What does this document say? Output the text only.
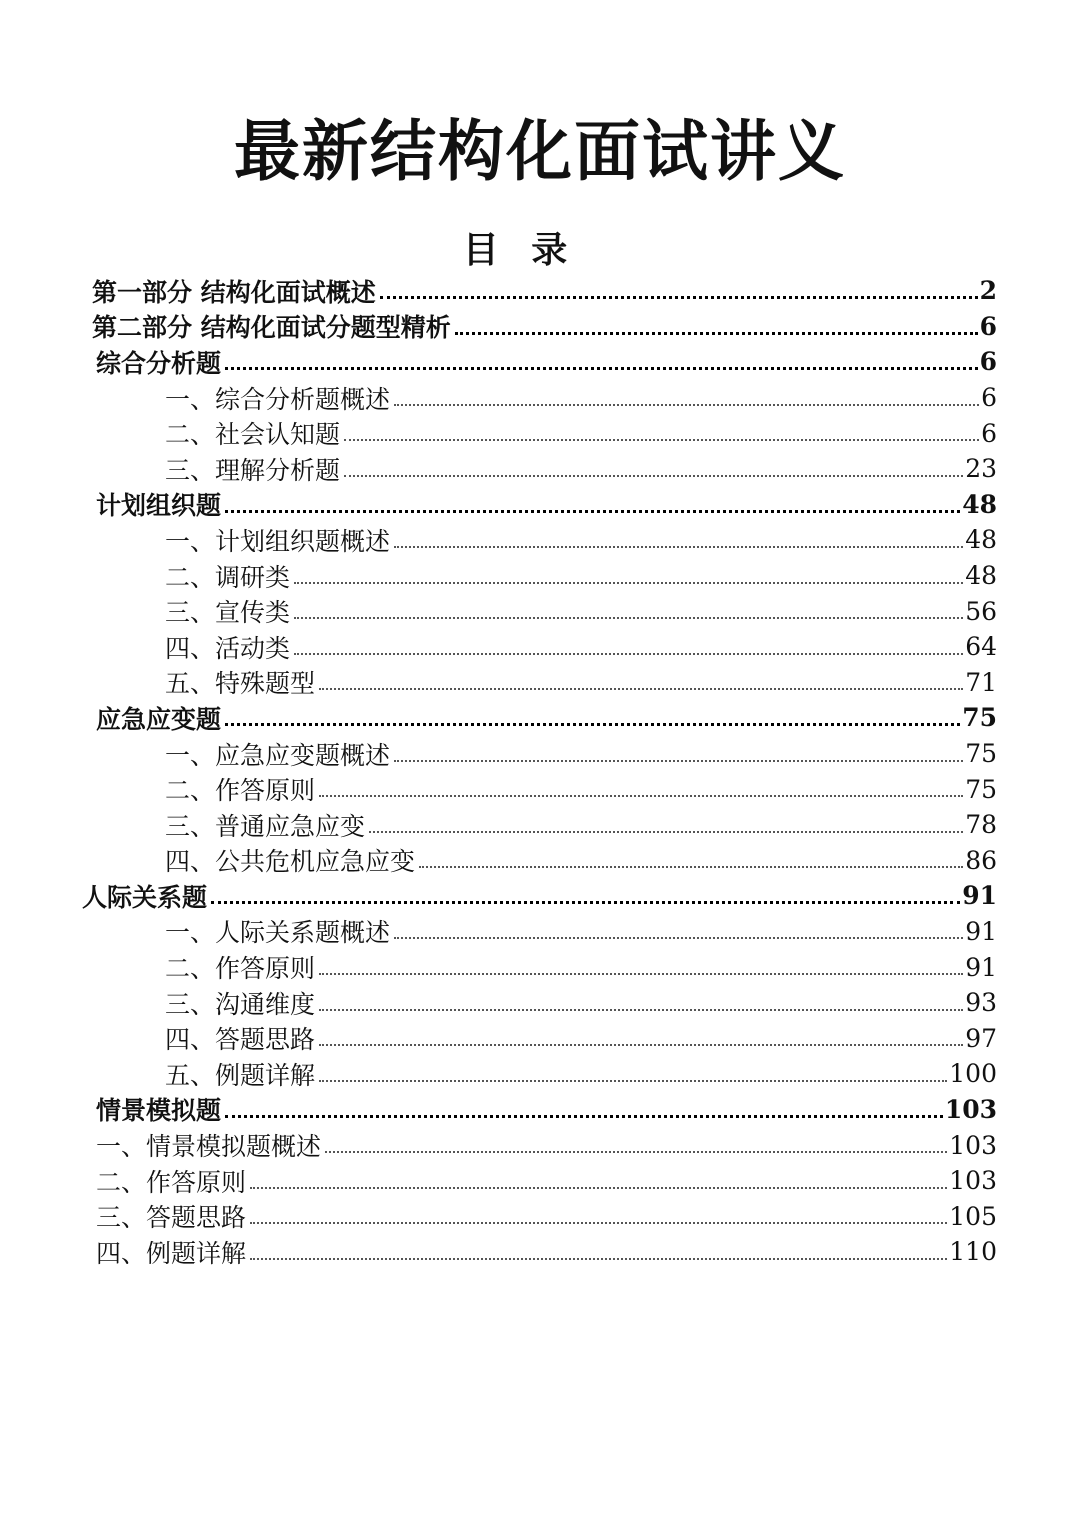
最新结构化面试讲义
目 录
第一部分 结构化面试概述	2
第二部分 结构化面试分题型精析	6
综合分析题	6
一、综合分析题概述	6
二、社会认知题	6
三、理解分析题	23
计划组织题	48
一、计划组织题概述	48
二、调研类	48
三、宣传类	56
四、活动类	64
五、特殊题型	71
应急应变题	75
一、应急应变题概述	75
二、作答原则	75
三、普通应急应变	78
四、公共危机应急应变	86
人际关系题	91
一、人际关系题概述	91
二、作答原则	91
三、沟通维度	93
四、答题思路	97
五、例题详解	100
情景模拟题	103
一、情景模拟题概述	103
二、作答原则	103
三、答题思路	105
四、例题详解	110
